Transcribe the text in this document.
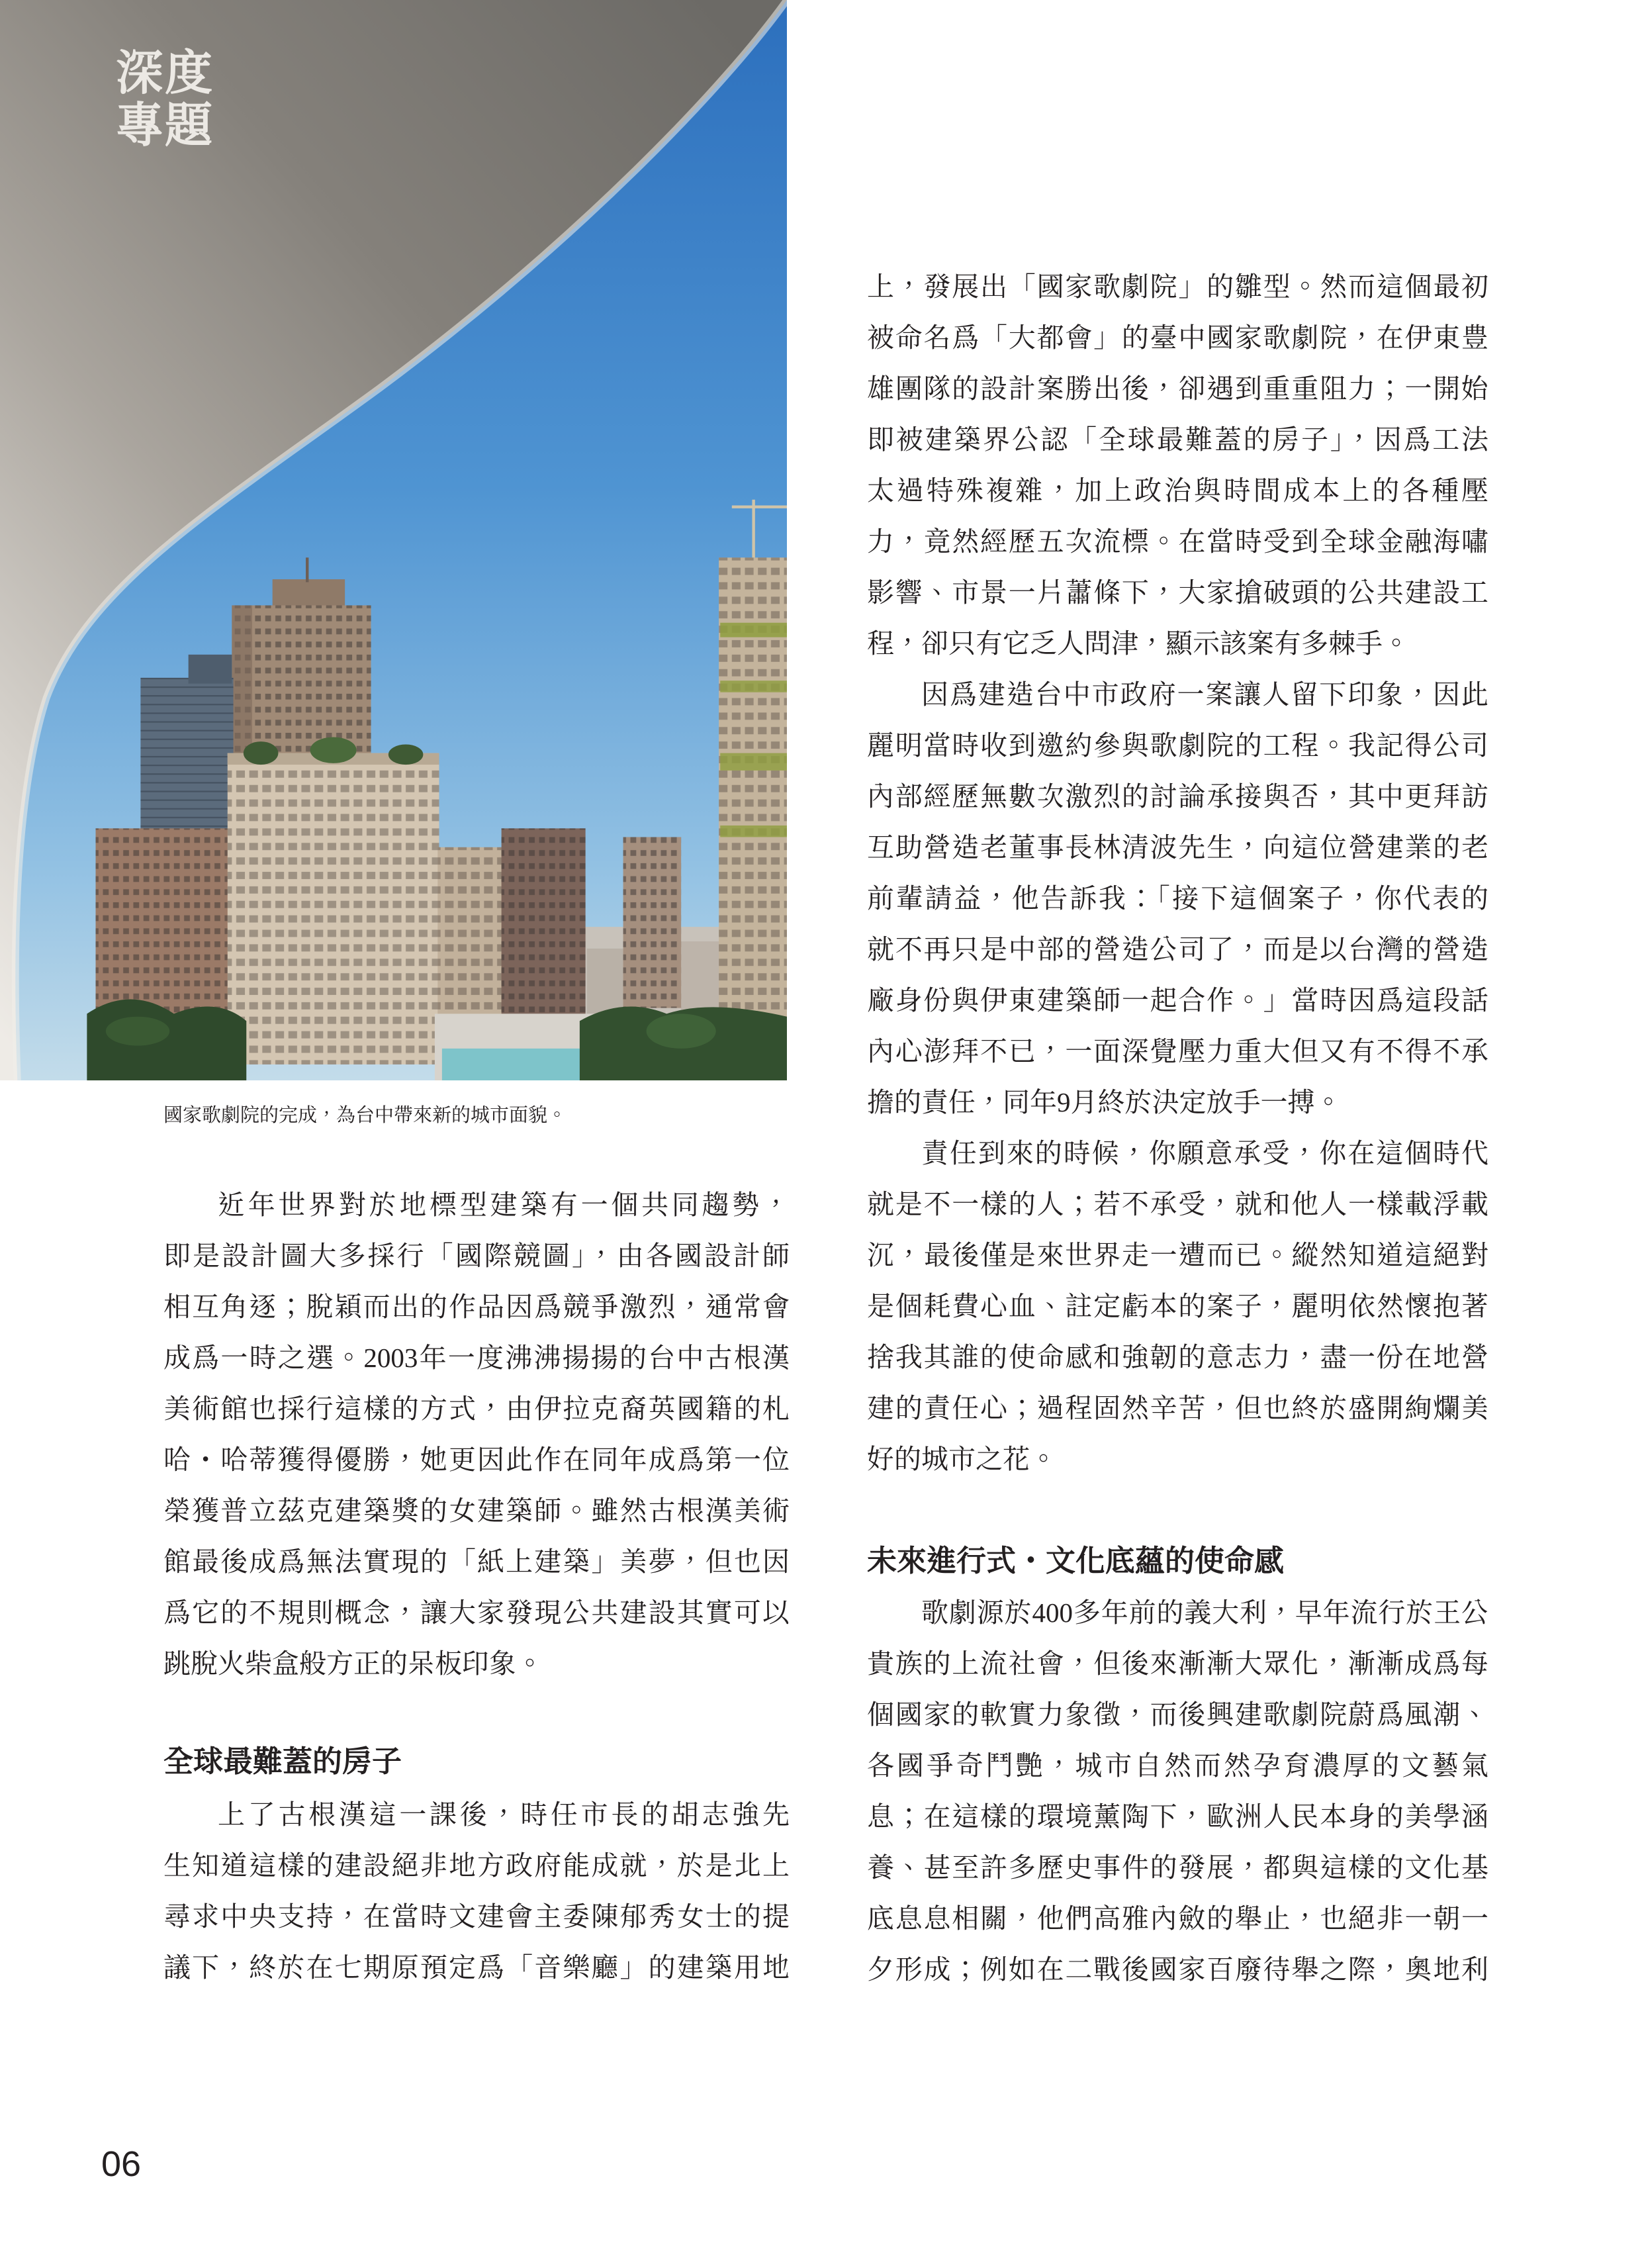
深度
專題
國家歌劇院的完成，為台中帶來新的城市面貌。
近年世界對於地標型建築有一個共同趨勢，
即是設計圖大多採行「國際競圖」，由各國設計師
相互角逐；脫穎而出的作品因爲競爭激烈，通常會
成爲一時之選。2003年一度沸沸揚揚的台中古根漢
美術館也採行這樣的方式，由伊拉克裔英國籍的札
哈・哈蒂獲得優勝，她更因此作在同年成爲第一位
榮獲普立茲克建築獎的女建築師。雖然古根漢美術
館最後成爲無法實現的「紙上建築」美夢，但也因
爲它的不規則概念，讓大家發現公共建設其實可以
跳脫火柴盒般方正的呆板印象。
全球最難蓋的房子
上了古根漢這一課後，時任市長的胡志強先
生知道這樣的建設絕非地方政府能成就，於是北上
尋求中央支持，在當時文建會主委陳郁秀女士的提
議下，終於在七期原預定爲「音樂廳」的建築用地
上，發展出「國家歌劇院」的雛型。然而這個最初
被命名爲「大都會」的臺中國家歌劇院，在伊東豊
雄團隊的設計案勝出後，卻遇到重重阻力；一開始
即被建築界公認「全球最難蓋的房子」，因爲工法
太過特殊複雜，加上政治與時間成本上的各種壓
力，竟然經歷五次流標。在當時受到全球金融海嘯
影響、市景一片蕭條下，大家搶破頭的公共建設工
程，卻只有它乏人問津，顯示該案有多棘手。
因爲建造台中市政府一案讓人留下印象，因此
麗明當時收到邀約參與歌劇院的工程。我記得公司
內部經歷無數次激烈的討論承接與否，其中更拜訪
互助營造老董事長林清波先生，向這位營建業的老
前輩請益，他告訴我：「接下這個案子，你代表的
就不再只是中部的營造公司了，而是以台灣的營造
廠身份與伊東建築師一起合作。」當時因爲這段話
內心澎拜不已，一面深覺壓力重大但又有不得不承
擔的責任，同年9月終於決定放手一搏。
責任到來的時候，你願意承受，你在這個時代
就是不一樣的人；若不承受，就和他人一樣載浮載
沉，最後僅是來世界走一遭而已。縱然知道這絕對
是個耗費心血、註定虧本的案子，麗明依然懷抱著
捨我其誰的使命感和強韌的意志力，盡一份在地營
建的責任心；過程固然辛苦，但也終於盛開絢爛美
好的城市之花。
未來進行式・文化底蘊的使命感
歌劇源於400多年前的義大利，早年流行於王公
貴族的上流社會，但後來漸漸大眾化，漸漸成爲每
個國家的軟實力象徵，而後興建歌劇院蔚爲風潮、
各國爭奇鬥艷，城市自然而然孕育濃厚的文藝氣
息；在這樣的環境薰陶下，歐洲人民本身的美學涵
養、甚至許多歷史事件的發展，都與這樣的文化基
底息息相關，他們高雅內斂的舉止，也絕非一朝一
夕形成；例如在二戰後國家百廢待舉之際，奧地利
06
